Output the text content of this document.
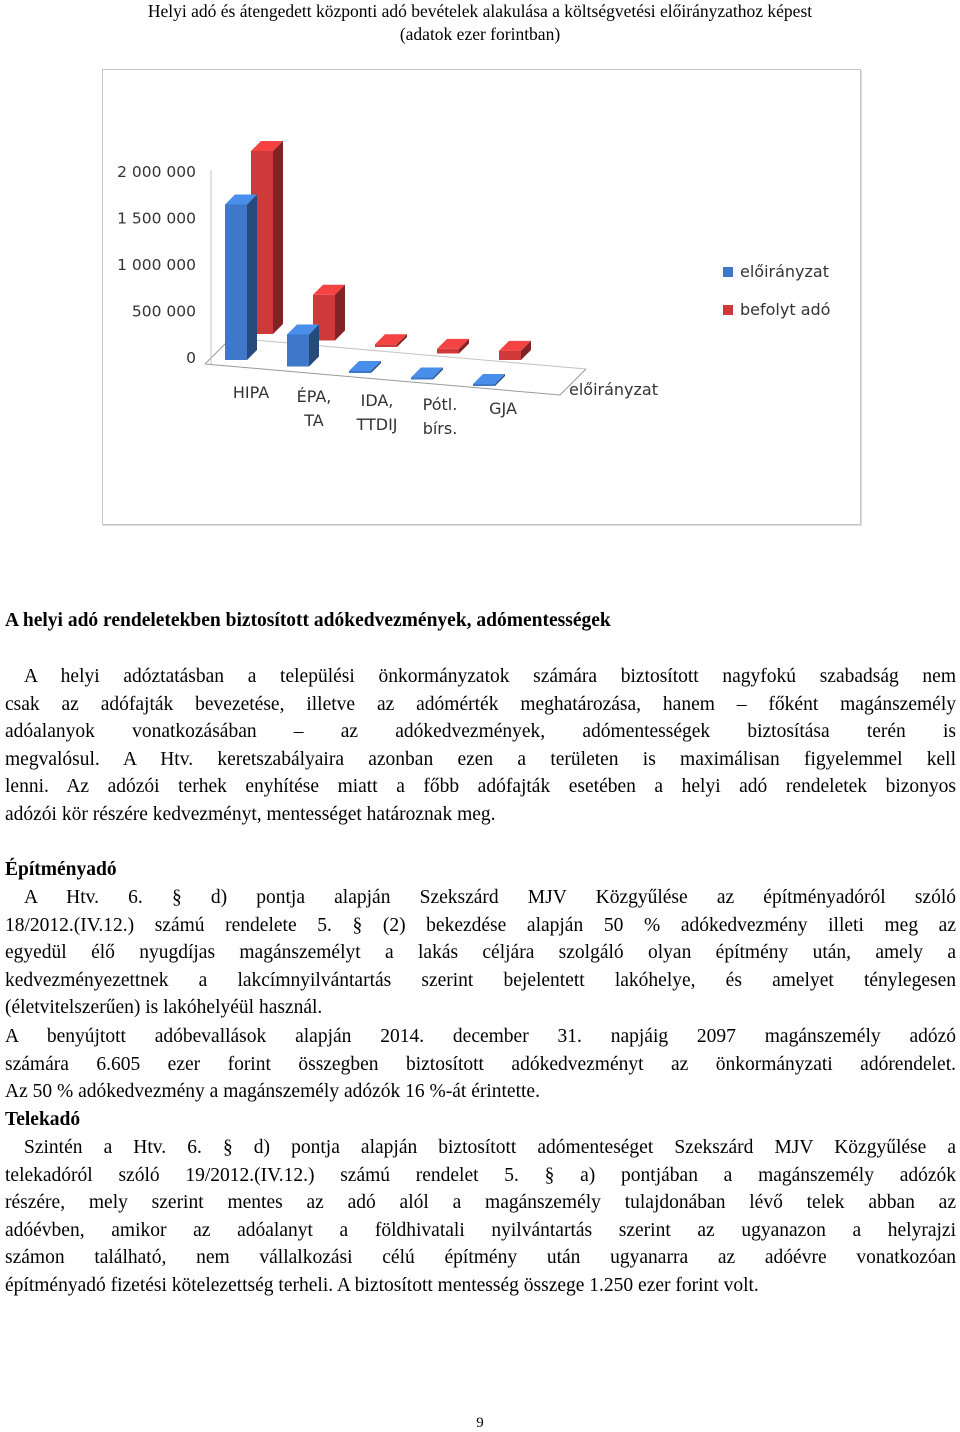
Helyi adó és átengedett központi adó bevételek alakulása a költségvetési előirányzathoz képest
(adatok ezer forintban)
2 000 000
1 500 000
1 000 000
500 000
0
HIPA ÉPA,
TA
IDA,
TTDIJ
Pótl.
bírs.
GJA
előirányzat
előirányzat
befolyt adó

A helyi adó rendeletekben biztosított adókedvezmények, adómentességek

A helyi adóztatásban a települési önkormányzatok számára biztosított nagyfokú szabadság nem
csak az adófajták bevezetése, illetve az adómérték meghatározása, hanem – főként magánszemély
adóalanyok vonatkozásában – az adókedvezmények, adómentességek biztosítása terén is
megvalósul. A Htv. keretszabályaira azonban ezen a területen is maximálisan figyelemmel kell
lenni. Az adózói terhek enyhítése miatt a főbb adófajták esetében a helyi adó rendeletek bizonyos
adózói kör részére kedvezményt, mentességet határoznak meg.

Építményadó

A Htv. 6. § d) pontja alapján Szekszárd MJV Közgyűlése az építményadóról szóló
18/2012.(IV.12.) számú rendelete 5. § (2) bekezdése alapján 50 % adókedvezmény illeti meg az
egyedül élő nyugdíjas magánszemélyt a lakás céljára szolgáló olyan építmény után, amely a
kedvezményezettnek a lakcímnyilvántartás szerint bejelentett lakóhelye, és amelyet ténylegesen
(életvitelszerűen) is lakóhelyéül használ.
A benyújtott adóbevallások alapján 2014. december 31. napjáig 2097 magánszemély adózó
számára 6.605 ezer forint összegben biztosított adókedvezményt az önkormányzati adórendelet.
Az 50 % adókedvezmény a magánszemély adózók 16 %-át érintette.

Telekadó

Szintén a Htv. 6. § d) pontja alapján biztosított adómenteséget Szekszárd MJV Közgyűlése a
telekadóról szóló 19/2012.(IV.12.) számú rendelet 5. § a) pontjában a magánszemély adózók
részére, mely szerint mentes az adó alól a magánszemély tulajdonában lévő telek abban az
adóévben, amikor az adóalanyt a földhivatali nyilvántartás szerint az ugyanazon a helyrajzi
számon található, nem vállalkozási célú építmény után ugyanarra az adóévre vonatkozóan
építményadó fizetési kötelezettség terheli. A biztosított mentesség összege 1.250 ezer forint volt.
9
